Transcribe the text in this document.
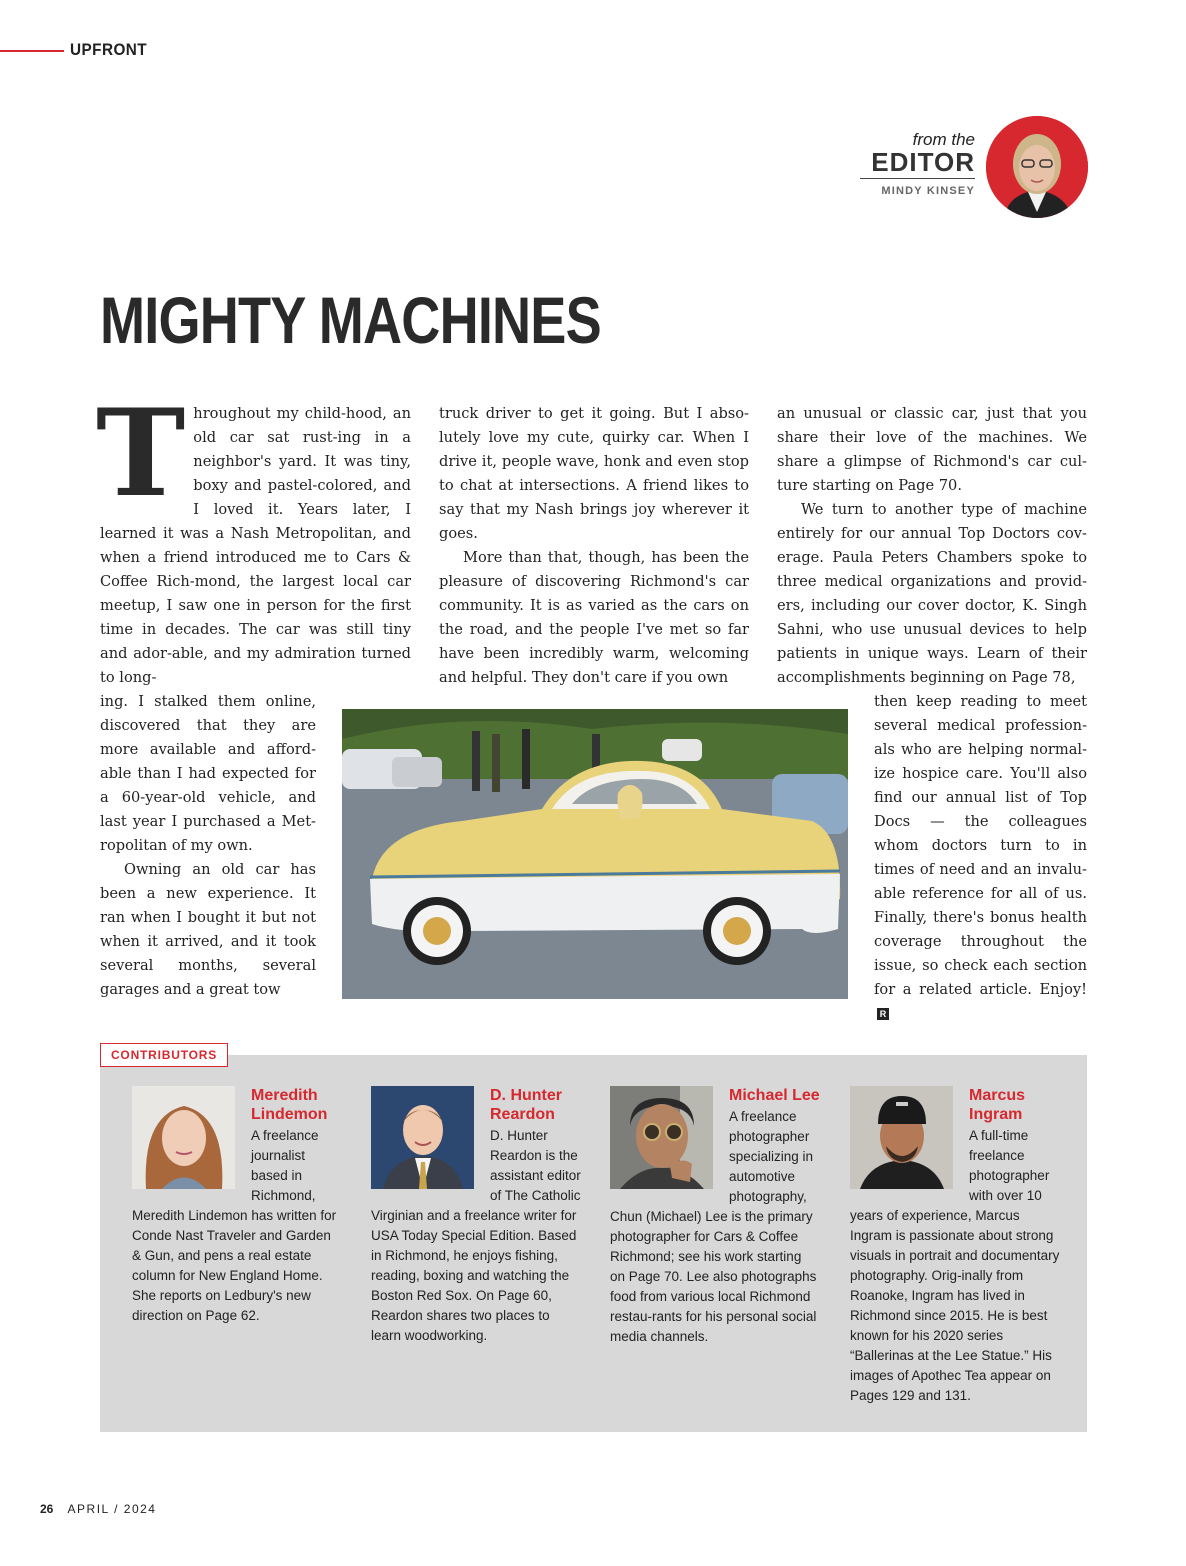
UPFRONT
from the
EDITOR
MINDY KINSEY
MIGHTY MACHINES

T hroughout my child-hood, an old car sat rust-ing in a neighbor's yard. It was tiny, boxy and pastel-colored, and I loved it. Years later, I learned it was a Nash Metropolitan, and when a friend introduced me to Cars & Coffee Rich-mond, the largest local car meetup, I saw one in person for the first time in decades. The car was still tiny and ador-able, and my admiration turned to long-

ing. I stalked them online, discovered that they are more available and afford-able than I had expected for a 60-year-old vehicle, and last year I purchased a Met-ropolitan of my own.

Owning an old car has been a new experience. It ran when I bought it but not when it arrived, and it took several months, several garages and a great tow

truck driver to get it going. But I abso-lutely love my cute, quirky car. When I drive it, people wave, honk and even stop to chat at intersections. A friend likes to say that my Nash brings joy wherever it goes.

More than that, though, has been the pleasure of discovering Richmond's car community. It is as varied as the cars on the road, and the people I've met so far have been incredibly warm, welcoming and helpful. They don't care if you own

an unusual or classic car, just that you share their love of the machines. We share a glimpse of Richmond's car cul-ture starting on Page 70.

We turn to another type of machine entirely for our annual Top Doctors cov-erage. Paula Peters Chambers spoke to three medical organizations and provid-ers, including our cover doctor, K. Singh Sahni, who use unusual devices to help patients in unique ways. Learn of their accomplishments beginning on Page 78,

then keep reading to meet several medical profession-als who are helping normal-ize hospice care. You'll also find our annual list of Top Docs — the colleagues whom doctors turn to in times of need and an invalu-able reference for all of us. Finally, there's bonus health coverage throughout the issue, so check each section for a related article. Enjoy!R

CONTRIBUTORS
Meredith Lindemon
A freelance journalist based in Richmond, Meredith Lindemon has written for Conde Nast Traveler and Garden & Gun, and pens a real estate column for New England Home. She reports on Ledbury's new direction on Page 62.
D. Hunter Reardon
D. Hunter Reardon is the assistant editor of The Catholic Virginian and a freelance writer for USA Today Special Edition. Based in Richmond, he enjoys fishing, reading, boxing and watching the Boston Red Sox. On Page 60, Reardon shares two places to learn woodworking.
Michael Lee
A freelance photographer specializing in automotive photography, Chun (Michael) Lee is the primary photographer for Cars & Coffee Richmond; see his work starting on Page 70. Lee also photographs food from various local Richmond restau-rants for his personal social media channels.
Marcus Ingram
A full-time freelance photographer with over 10 years of experience, Marcus Ingram is passionate about strong visuals in portrait and documentary photography. Orig-inally from Roanoke, Ingram has lived in Richmond since 2015. He is best known for his 2020 series “Ballerinas at the Lee Statue.” His images of Apothec Tea appear on Pages 129 and 131.
26 APRIL / 2024
